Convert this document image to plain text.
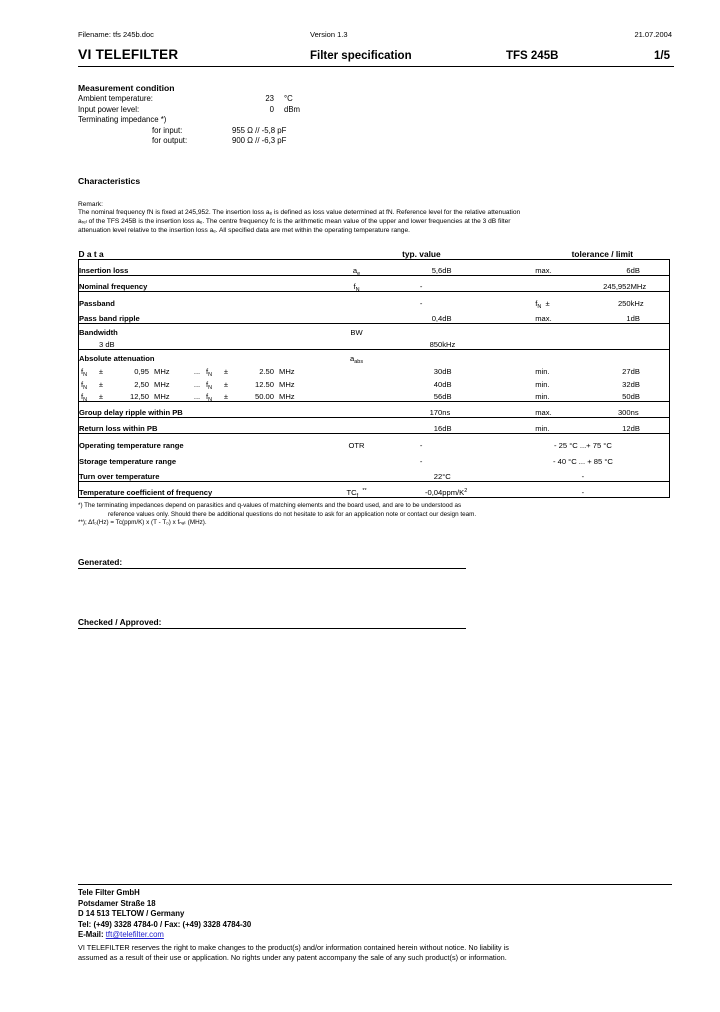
Filename: tfs 245b.doc	Version 1.3	21.07.2004
VI TELEFILTER	Filter specification	TFS 245B	1/5
Measurement condition
Ambient temperature:	23	°C
Input power level:	0	dBm
Terminating impedance *)
for input:	955 Ω // -5,8 pF
for output:	900 Ω // -6,3 pF
Characteristics
Remark:
The nominal frequency fN is fixed at 245,952. The insertion loss aₑ is defined as loss value determined at fN. Reference level for the relative attenuation
aᵣₑₗ of the TFS 245B is the insertion loss aₑ. The centre frequency fᴄ is the arithmetic mean value of the upper and lower frequencies at the 3 dB filter
attenuation level relative to the insertion loss aₑ. All specified data are met within the operating temperature range.
D a t a		typ. value			tolerance / limit		
Insertion loss	$a_e$	5,6	dB		max.	6	dB
Nominal frequency	$f_N$	-				245,952	MHz
Passband		-			$f_N$ ±	250	kHz
Pass band ripple		0,4	dB		max.	1	dB
Bandwidth	BW						
3 dB		850	kHz				
Absolute attenuation	$a_{abs}$						
$f_N \pm 0,95$ MHz ... $f_N \pm 2.50$ MHz		30	dB		min.	27	dB
$f_N \pm 2,50$ MHz ... $f_N \pm 12.50$ MHz		40	dB		min.	32	dB
$f_N \pm 12,50$ MHz ... $f_N \pm 50.00$ MHz		56	dB		min.	50	dB
Group delay ripple within PB		170	ns		max.	300	ns
Return loss within PB		16	dB		min.	12	dB
Operating temperature range	OTR	-			- 25 °C ...+ 75 °C		
Storage temperature range		-			- 40 °C ... + 85 °C		
Turn over temperature		22	°C		-		
Temperature coefficient of frequency	$TC_f$  **	-0,04	ppm/$K^2$		-		
*) The terminating impedances depend on parasitics and q-values of matching elements and the board used, and are to be understood as
reference values only. Should there be additional questions do not hesitate to ask for an application note or contact our design team.
**); Δf₀(Hz) = Tc(ppm/K) x (T - T₀) x fₙₐₜ (MHz).
Generated:
Checked / Approved:
Tele Filter GmbH
Potsdamer Straße 18
D 14 513 TELTOW / Germany
Tel: (+49) 3328 4784-0 / Fax: (+49) 3328 4784-30
E-Mail: tft@telefilter.com
VI TELEFILTER reserves the right to make changes to the product(s) and/or information contained herein without notice. No liability is
assumed as a result of their use or application. No rights under any patent accompany the sale of any such product(s) or information.
